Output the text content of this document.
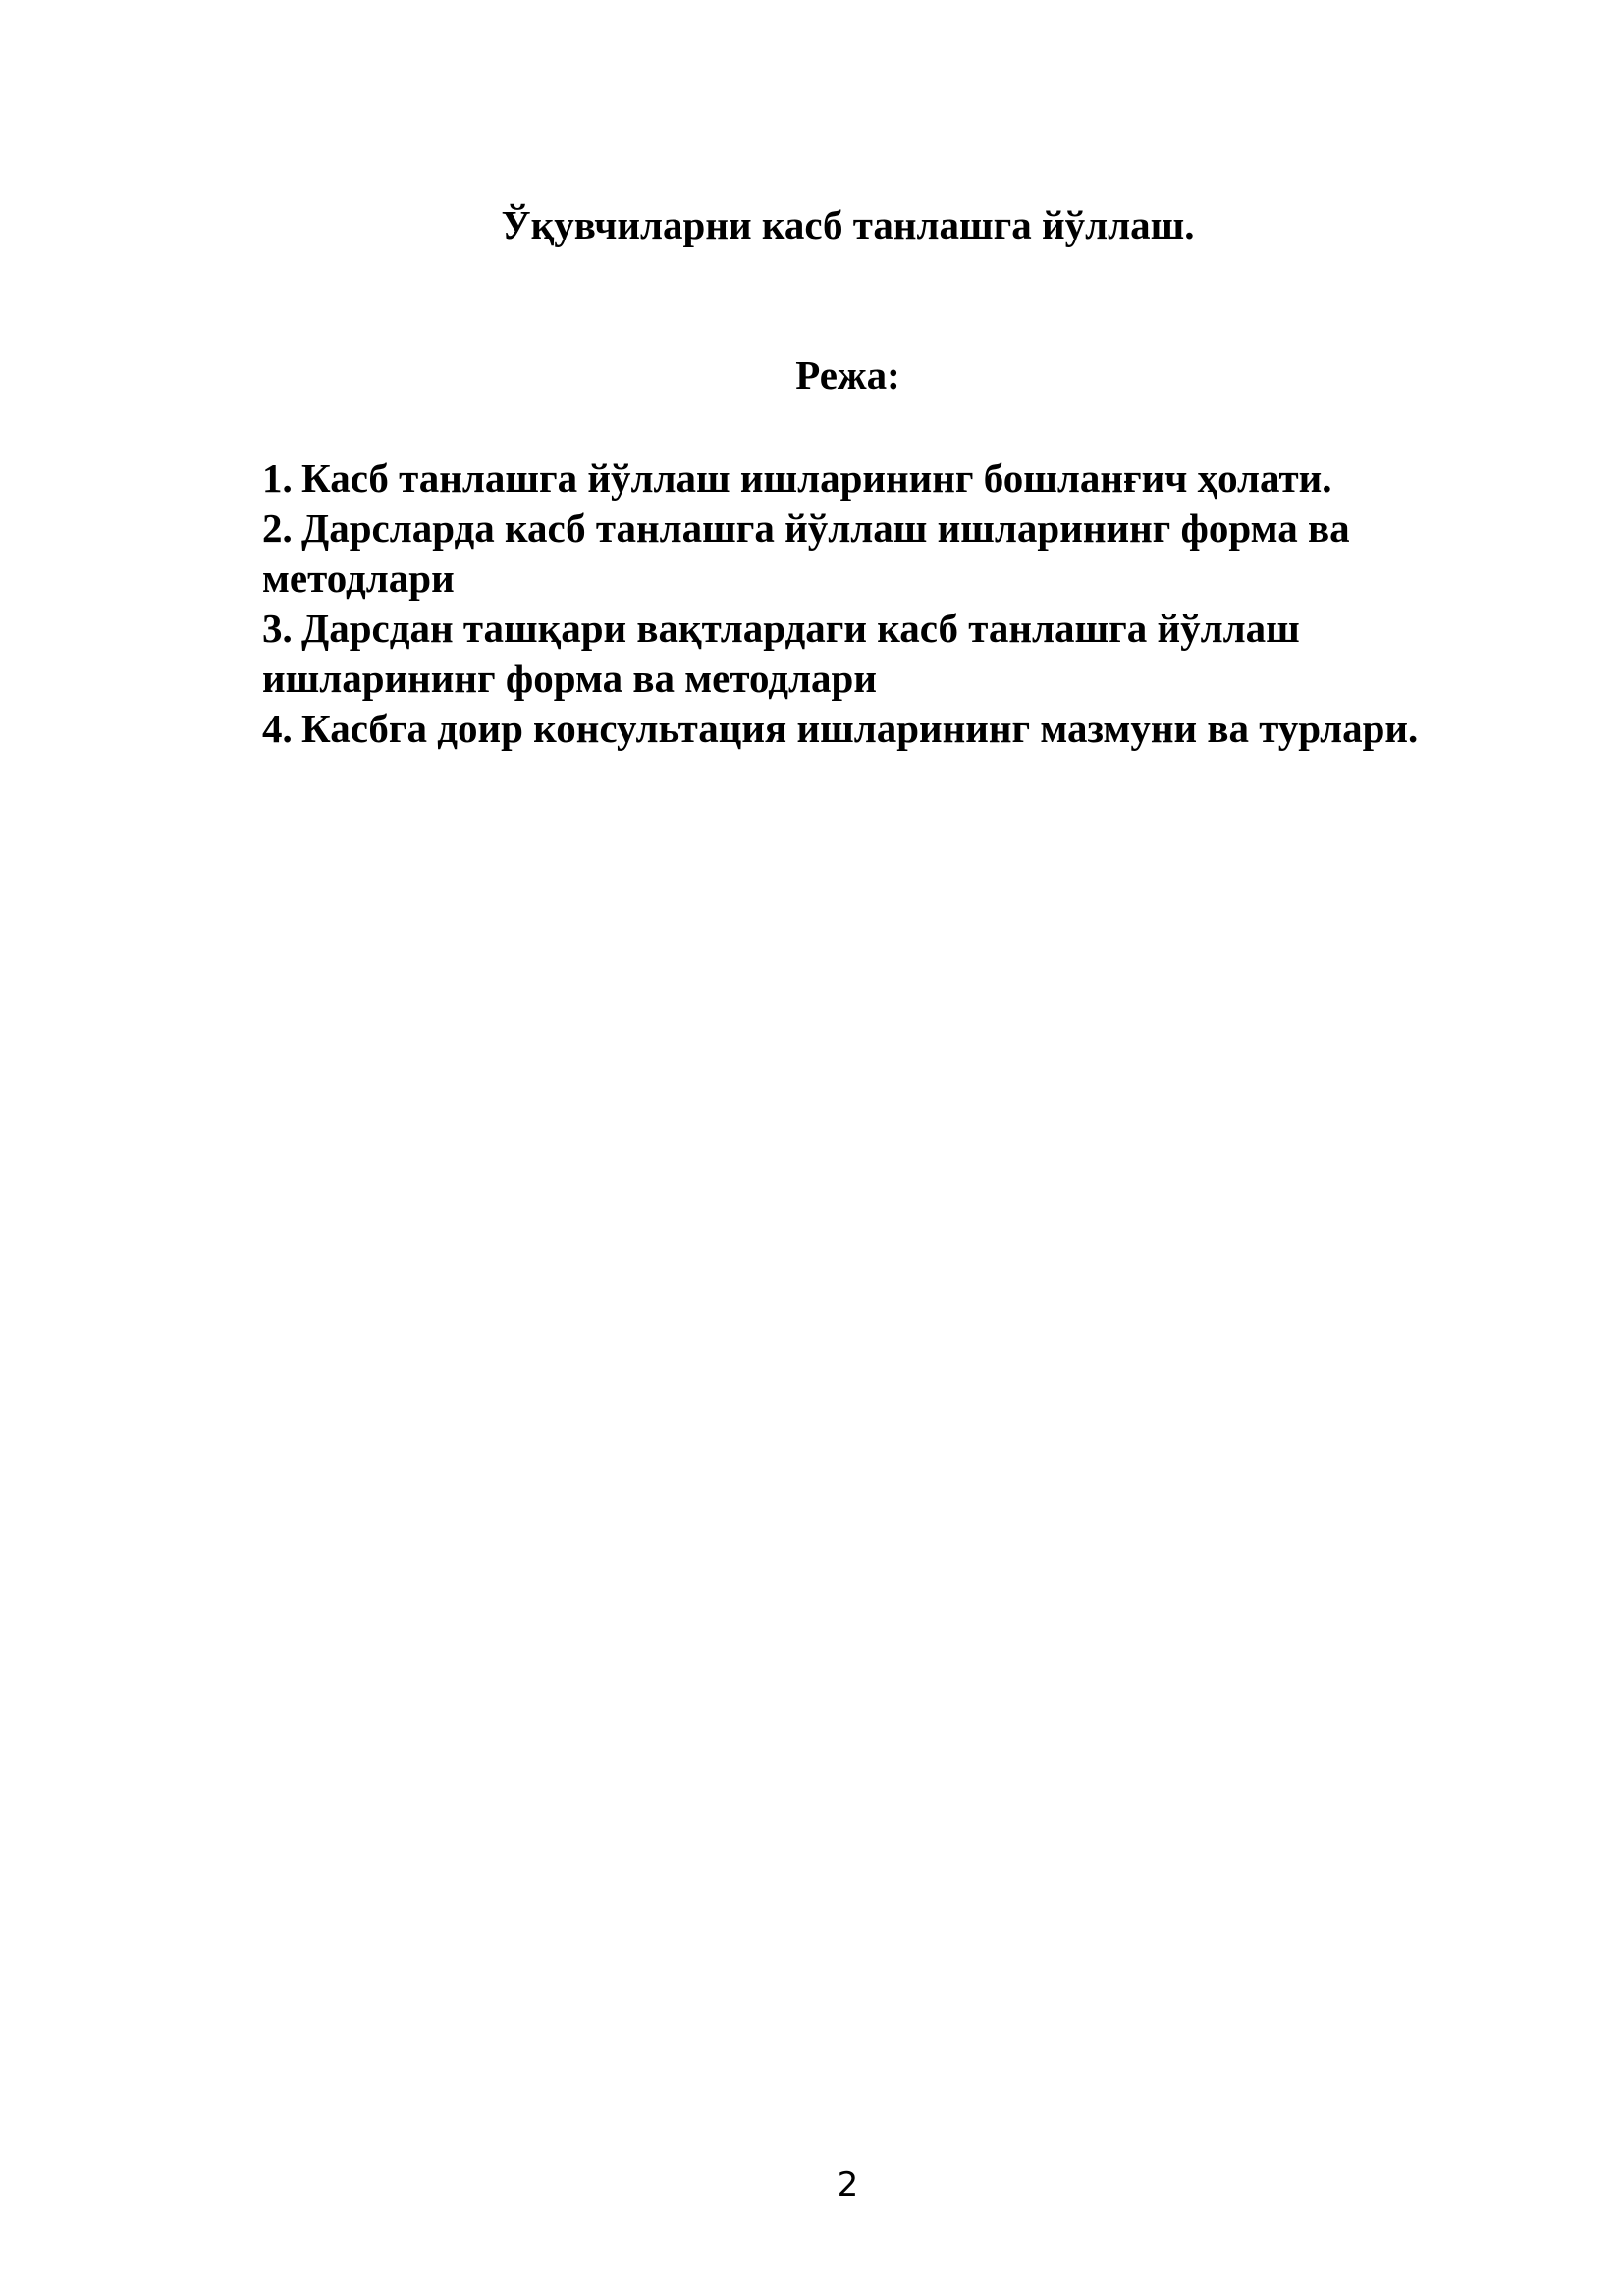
Ўқувчиларни касб танлашга йўллаш.
Режа:
1. Касб танлашга йўллаш ишларининг бошланғич ҳолати.
2. Дарсларда касб танлашга йўллаш ишларининг форма ва методлари
3. Дарсдан ташқари вақтлардаги касб танлашга йўллаш ишларининг форма ва методлари
4. Касбга доир консультация ишларининг мазмуни ва турлари.
2
